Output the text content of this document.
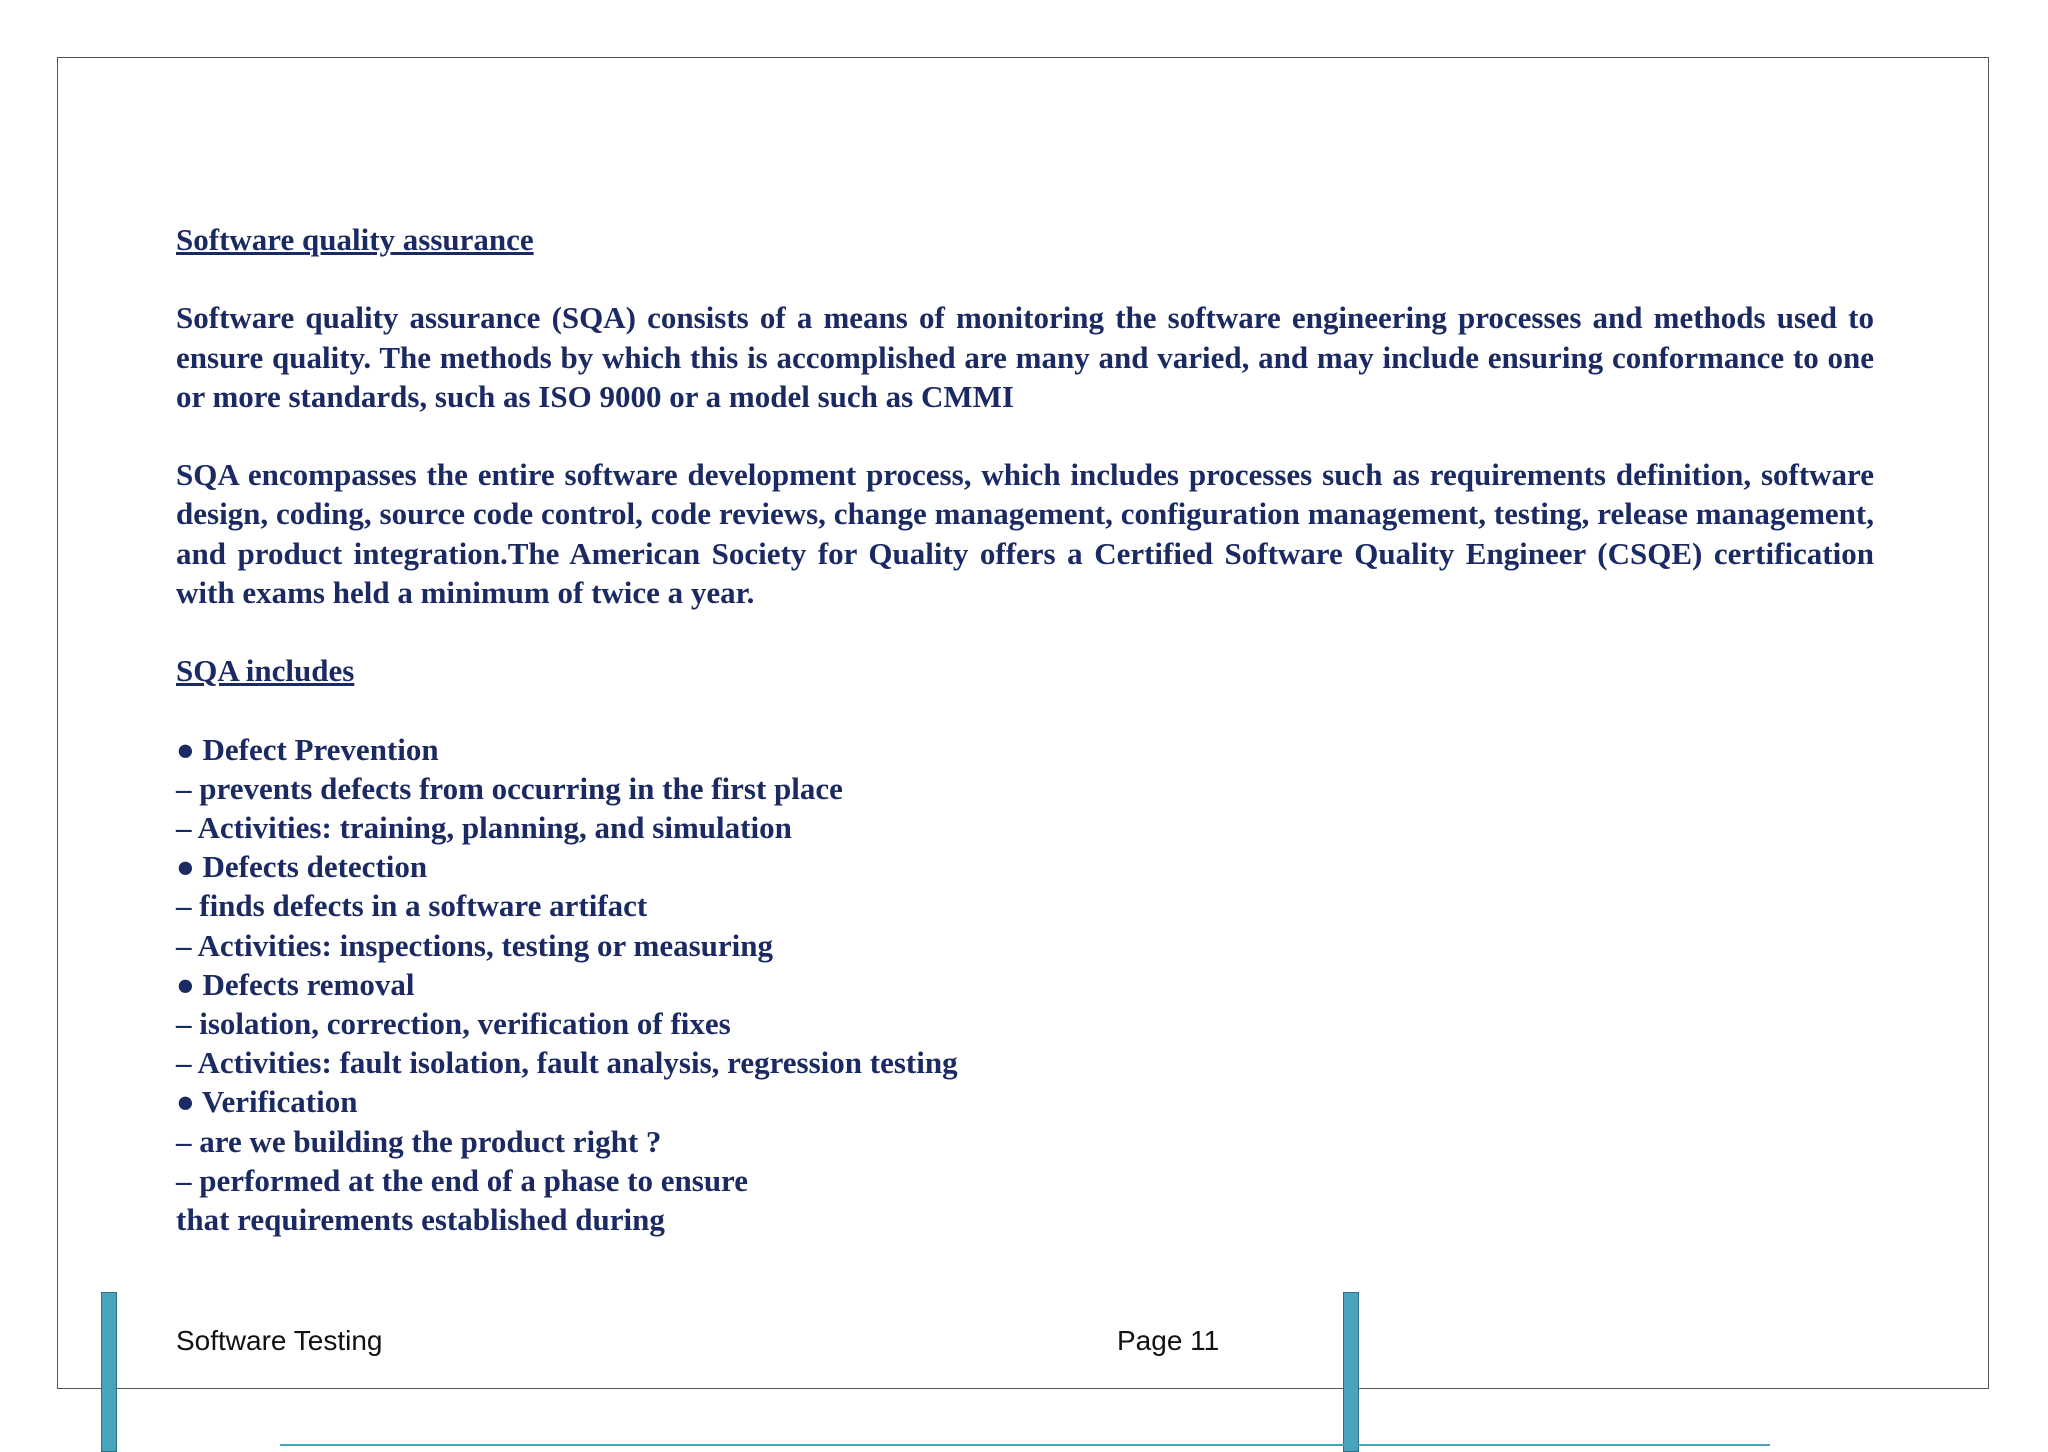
Software quality assurance

Software quality assurance (SQA) consists of a means of monitoring the software engineering processes and methods used to ensure quality. The methods by which this is accomplished are many and varied, and may include ensuring conformance to one or more standards, such as ISO 9000 or a model such as CMMI

SQA encompasses the entire software development process, which includes processes such as requirements definition, software design, coding, source code control, code reviews, change management, configuration management, testing, release management, and product integration.The American Society for Quality offers a Certified Software Quality Engineer (CSQE) certification with exams held a minimum of twice a year.

SQA includes

● Defect Prevention

– prevents defects from occurring in the first place

– Activities: training, planning, and simulation

● Defects detection

– finds defects in a software artifact

– Activities: inspections, testing or measuring

● Defects removal

– isolation, correction, verification of fixes

– Activities: fault isolation, fault analysis, regression testing

● Verification

– are we building the product right ?

– performed at the end of a phase to ensure

that requirements established during

Software Testing	Page 11
